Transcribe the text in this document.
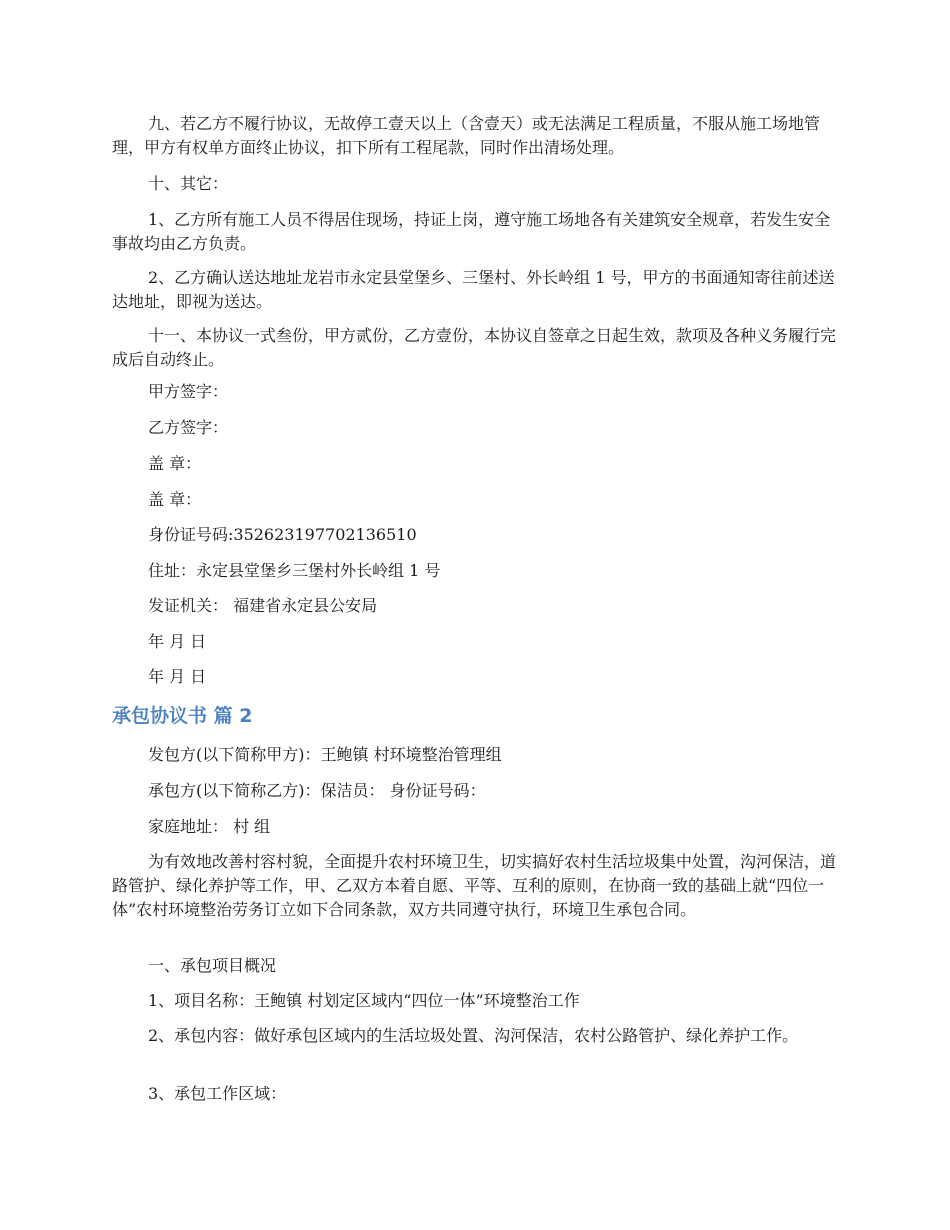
九、若乙方不履行协议，无故停工壹天以上（含壹天）或无法满足工程质量，不服从施工场地管理，甲方有权单方面终止协议，扣下所有工程尾款，同时作出清场处理。

十、其它：

1、乙方所有施工人员不得居住现场，持证上岗，遵守施工场地各有关建筑安全规章，若发生安全事故均由乙方负责。

2、乙方确认送达地址龙岩市永定县堂堡乡、三堡村、外长岭组 1 号，甲方的书面通知寄往前述送达地址，即视为送达。

十一、本协议一式叁份，甲方贰份，乙方壹份，本协议自签章之日起生效，款项及各种义务履行完成后自动终止。

甲方签字：

乙方签字：

盖 章：

盖 章：

身份证号码:352623197702136510

住址：永定县堂堡乡三堡村外长岭组 1 号

发证机关： 福建省永定县公安局

年 月 日

年 月 日

承包协议书 篇 2

发包方(以下简称甲方)：王鲍镇 村环境整治管理组

承包方(以下简称乙方)：保洁员： 身份证号码：

家庭地址： 村 组

为有效地改善村容村貌，全面提升农村环境卫生，切实搞好农村生活垃圾集中处置，沟河保洁，道路管护、绿化养护等工作，甲、乙双方本着自愿、平等、互利的原则，在协商一致的基础上就“四位一体”农村环境整治劳务订立如下合同条款，双方共同遵守执行，环境卫生承包合同。

一、承包项目概况

1、项目名称：王鲍镇 村划定区域内“四位一体”环境整治工作

2、承包内容：做好承包区域内的生活垃圾处置、沟河保洁，农村公路管护、绿化养护工作。

3、承包工作区域：
